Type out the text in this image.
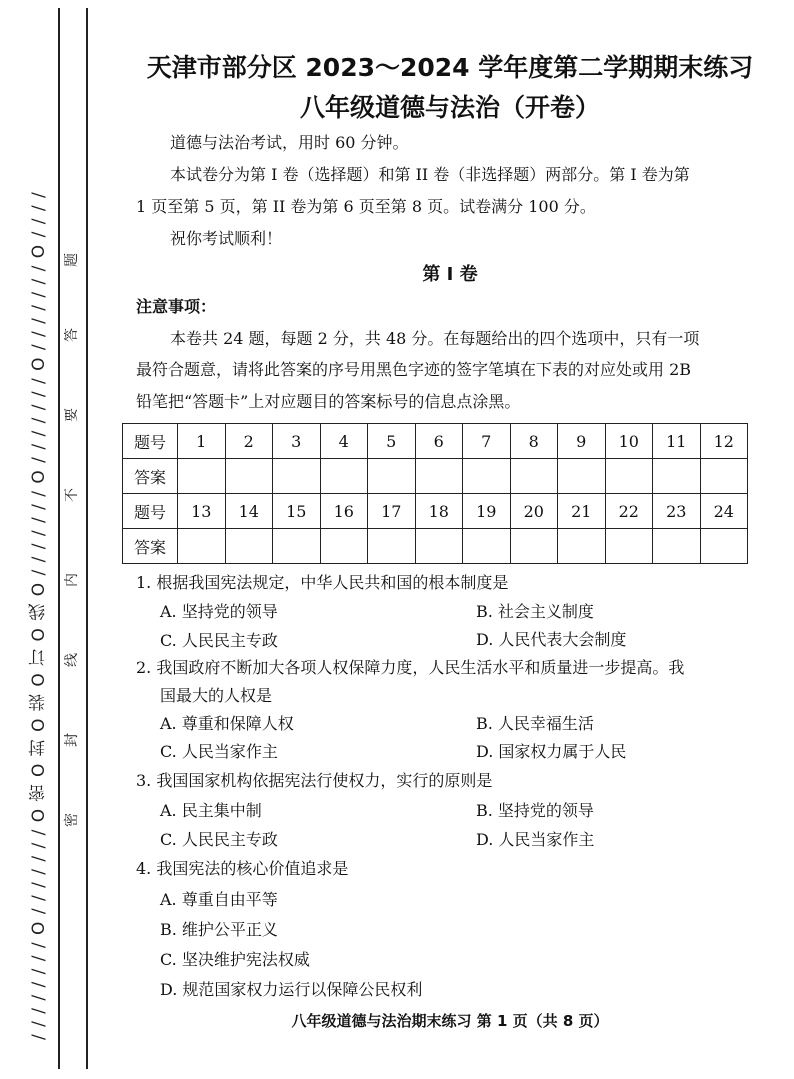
/ / / / / / / / O / / / / / / / O 密 O 封 O 装 O 订 O 线 O / / / / / / / O / / / / / / / O / / / / / / / O / / / / 题
答
要
不
内
线
封
密
天津市部分区 2023～2024 学年度第二学期期末练习
八年级道德与法治（开卷）
道德与法治考试，用时 60 分钟。
本试卷分为第 I 卷（选择题）和第 II 卷（非选择题）两部分。第 I 卷为第
1 页至第 5 页，第 II 卷为第 6 页至第 8 页。试卷满分 100 分。
祝你考试顺利！
第 I 卷
注意事项：
本卷共 24 题，每题 2 分，共 48 分。在每题给出的四个选项中，只有一项
最符合题意，请将此答案的序号用黑色字迹的签字笔填在下表的对应处或用 2B
铅笔把“答题卡”上对应题目的答案标号的信息点涂黑。
题号	1	2	3	4	5	6	7	8	9	10	11	12
答案												
题号	13	14	15	16	17	18	19	20	21	22	23	24
答案												
1. 根据我国宪法规定，中华人民共和国的根本制度是
A. 坚持党的领导	B. 社会主义制度
C. 人民民主专政	D. 人民代表大会制度
2. 我国政府不断加大各项人权保障力度，人民生活水平和质量进一步提高。我
国最大的人权是
A. 尊重和保障人权	B. 人民幸福生活
C. 人民当家作主	D. 国家权力属于人民
3. 我国国家机构依据宪法行使权力，实行的原则是
A. 民主集中制	B. 坚持党的领导
C. 人民民主专政	D. 人民当家作主
4. 我国宪法的核心价值追求是
A. 尊重自由平等
B. 维护公平正义
C. 坚决维护宪法权威
D. 规范国家权力运行以保障公民权利
八年级道德与法治期末练习 第 1 页（共 8 页）
